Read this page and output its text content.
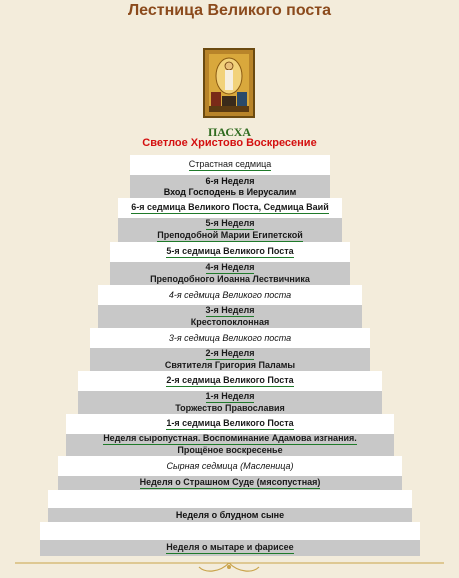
Лестница Великого поста
ПАСХА
Светлое Христово Воскресение
Страстная седмица
6-я Неделя
Вход Господень в Иерусалим
6-я седмица Великого Поста, Седмица Ваий
5-я Неделя
Преподобной Марии Египетской
5-я седмица Великого Поста
4-я Неделя
Преподобного Иоанна Лествичника
4-я седмица Великого поста
3-я Неделя
Крестопоклонная
3-я седмица Великого поста
2-я Неделя
Святителя Григория Паламы
2-я седмица Великого Поста
1-я Неделя
Торжество Православия
1-я седмица Великого Поста
Неделя сыропустная. Воспоминание Адамова изгнания.
Прощёное воскресенье
Сырная седмица (Масленица)
Неделя о Страшном Суде (мясопустная)
Неделя о блудном сыне
Неделя о мытаре и фарисее
